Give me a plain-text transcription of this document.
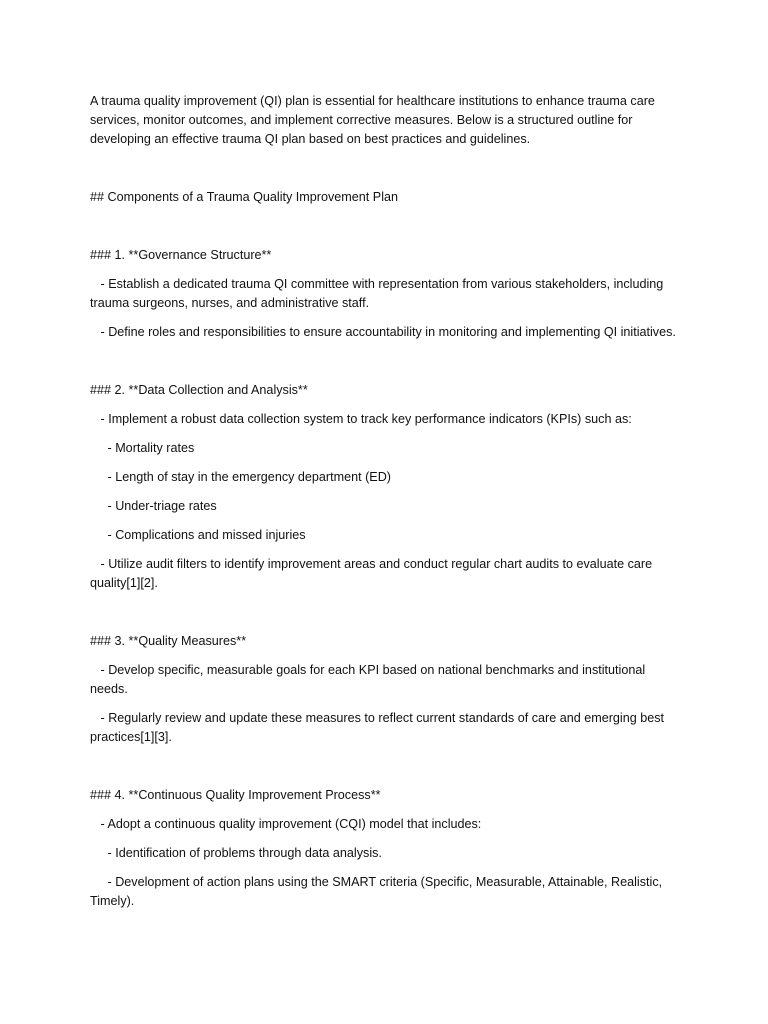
A trauma quality improvement (QI) plan is essential for healthcare institutions to enhance trauma care services, monitor outcomes, and implement corrective measures. Below is a structured outline for developing an effective trauma QI plan based on best practices and guidelines.

## Components of a Trauma Quality Improvement Plan

### 1. **Governance Structure**

- Establish a dedicated trauma QI committee with representation from various stakeholders, including trauma surgeons, nurses, and administrative staff.

- Define roles and responsibilities to ensure accountability in monitoring and implementing QI initiatives.

### 2. **Data Collection and Analysis**

- Implement a robust data collection system to track key performance indicators (KPIs) such as:

- Mortality rates

- Length of stay in the emergency department (ED)

- Under-triage rates

- Complications and missed injuries

- Utilize audit filters to identify improvement areas and conduct regular chart audits to evaluate care quality[1][2].

### 3. **Quality Measures**

- Develop specific, measurable goals for each KPI based on national benchmarks and institutional needs.

- Regularly review and update these measures to reflect current standards of care and emerging best practices[1][3].

### 4. **Continuous Quality Improvement Process**

- Adopt a continuous quality improvement (CQI) model that includes:

- Identification of problems through data analysis.

- Development of action plans using the SMART criteria (Specific, Measurable, Attainable, Realistic, Timely).
